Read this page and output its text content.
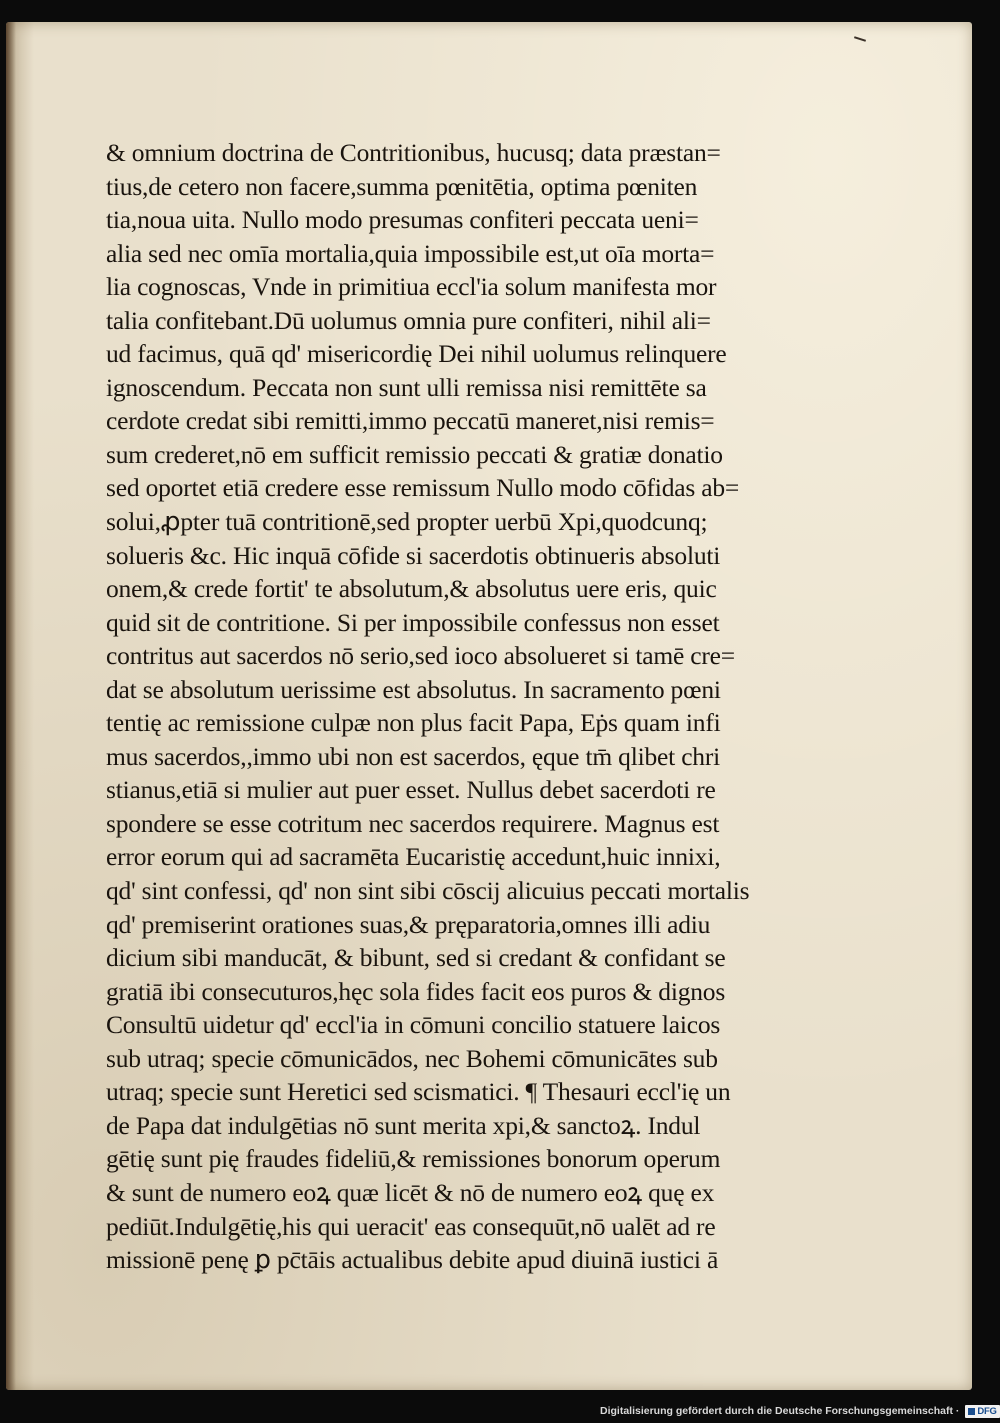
& omnium doctrina de Contritionibus, hucusq; data præstan=
tius,de cetero non facere,summa pœnitētia, optima pœniten
tia,noua uita. Nullo modo presumas confiteri peccata ueni=
alia sed nec omīa mortalia,quia impossibile est,ut oīa morta=
lia cognoscas, Vnde in primitiua eccl'ia solum manifesta mor
talia confitebant.Dū uolumus omnia pure confiteri, nihil ali=
ud facimus, quā qd' misericordię Dei nihil uolumus relinquere
ignoscendum. Peccata non sunt ulli remissa nisi remittēte sa
cerdote credat sibi remitti,immo peccatū maneret,nisi remis=
sum crederet,nō em sufficit remissio peccati & gratiæ donatio
sed oportet etiā credere esse remissum Nullo modo cōfidas ab=
solui,ꝓpter tuā contritionē,sed propter uerbū Xpi,quodcunq;
solueris &c. Hic inquā cōfide si sacerdotis obtinueris absoluti
onem,& crede fortit' te absolutum,& absolutus uere eris, quic
quid sit de contritione. Si per impossibile confessus non esset
contritus aut sacerdos nō serio,sed ioco absolueret si tamē cre=
dat se absolutum uerissime est absolutus. In sacramento pœni
tentię ac remissione culpæ non plus facit Papa, Eṗs quam infi
mus sacerdos,,immo ubi non est sacerdos, ęque tm̄ qlibet chri
stianus,etiā si mulier aut puer esset. Nullus debet sacerdoti re
spondere se esse cotritum nec sacerdos requirere. Magnus est
error eorum qui ad sacramēta Eucaristię accedunt,huic innixi,
qd' sint confessi, qd' non sint sibi cōscij alicuius peccati mortalis
qd' premiserint orationes suas,& pręparatoria,omnes illi adiu
dicium sibi manducāt, & bibunt, sed si credant & confidant se
gratiā ibi consecuturos,hęc sola fides facit eos puros & dignos
Consultū uidetur qd' eccl'ia in cōmuni concilio statuere laicos
sub utraq; specie cōmunicādos, nec Bohemi cōmunicātes sub
utraq; specie sunt Heretici sed scismatici. ¶ Thesauri eccl'ię un
de Papa dat indulgētias nō sunt merita xpi,& sanctoꝝ. Indul
gētię sunt pię fraudes fideliū,& remissiones bonorum operum
& sunt de numero eoꝝ quæ licēt & nō de numero eoꝝ quę ex
pediūt.Indulgētię,his qui ueracit' eas consequūt,nō ualēt ad re
missionē penę ꝑ pc̄tāis actualibus debite apud diuinā iustici ā
Digitalisierung gefördert durch die Deutsche Forschungsgemeinschaft · DFG
